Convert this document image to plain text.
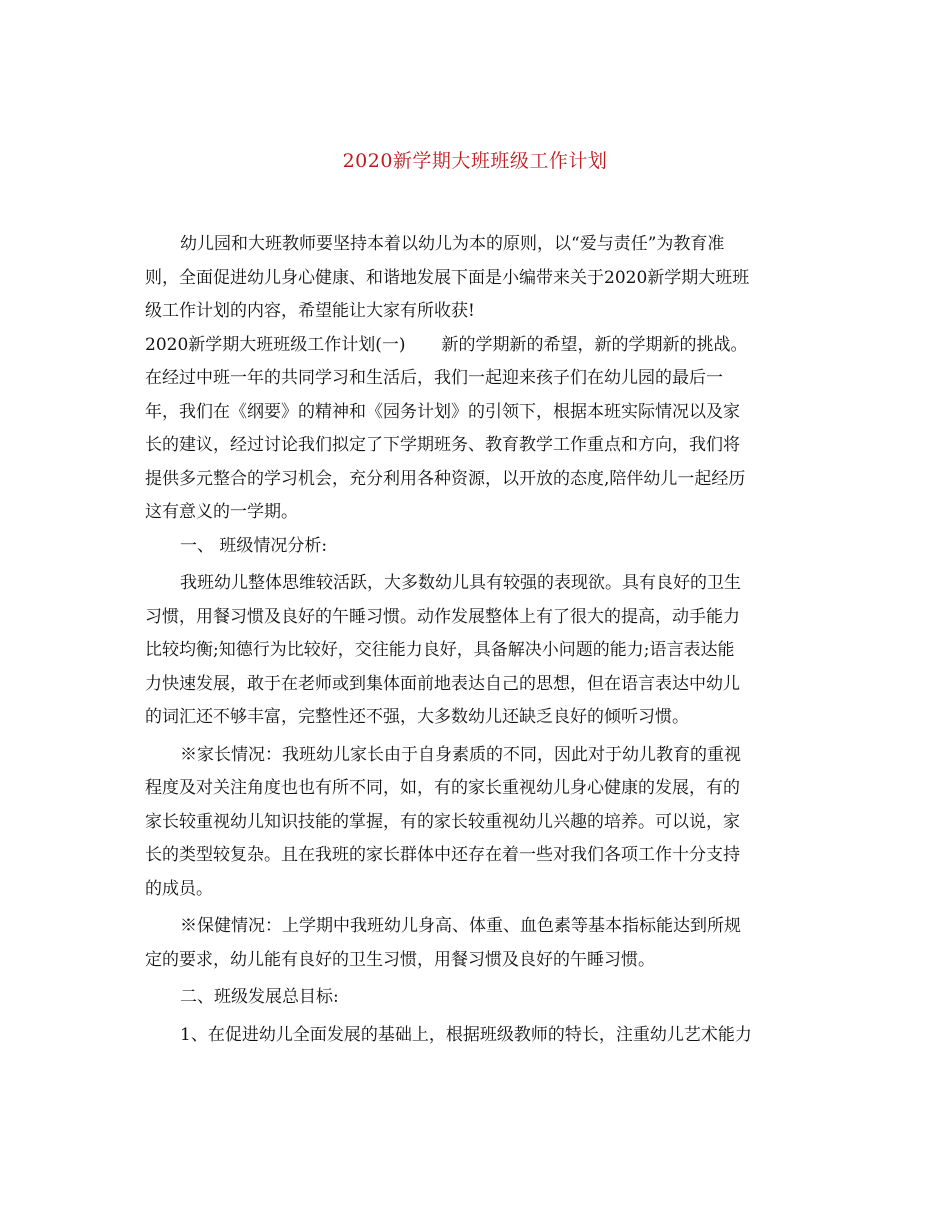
2020新学期大班班级工作计划
幼儿园和大班教师要坚持本着以幼儿为本的原则，以“爱与责任”为教育准
则，全面促进幼儿身心健康、和谐地发展下面是小编带来关于2020新学期大班班
级工作计划的内容，希望能让大家有所收获!
2020新学期大班班级工作计划(一) 新的学期新的希望，新的学期新的挑战。
在经过中班一年的共同学习和生活后，我们一起迎来孩子们在幼儿园的最后一
年，我们在《纲要》的精神和《园务计划》的引领下，根据本班实际情况以及家
长的建议，经过讨论我们拟定了下学期班务、教育教学工作重点和方向，我们将
提供多元整合的学习机会，充分利用各种资源，以开放的态度,陪伴幼儿一起经历
这有意义的一学期。
一、 班级情况分析:
我班幼儿整体思维较活跃，大多数幼儿具有较强的表现欲。具有良好的卫生
习惯，用餐习惯及良好的午睡习惯。动作发展整体上有了很大的提高，动手能力
比较均衡;知德行为比较好，交往能力良好，具备解决小问题的能力;语言表达能
力快速发展，敢于在老师或到集体面前地表达自己的思想，但在语言表达中幼儿
的词汇还不够丰富，完整性还不强，大多数幼儿还缺乏良好的倾听习惯。
※家长情况：我班幼儿家长由于自身素质的不同，因此对于幼儿教育的重视
程度及对关注角度也也有所不同，如，有的家长重视幼儿身心健康的发展，有的
家长较重视幼儿知识技能的掌握，有的家长较重视幼儿兴趣的培养。可以说，家
长的类型较复杂。且在我班的家长群体中还存在着一些对我们各项工作十分支持
的成员。
※保健情况：上学期中我班幼儿身高、体重、血色素等基本指标能达到所规
定的要求，幼儿能有良好的卫生习惯，用餐习惯及良好的午睡习惯。
二、班级发展总目标:
1、在促进幼儿全面发展的基础上，根据班级教师的特长，注重幼儿艺术能力
